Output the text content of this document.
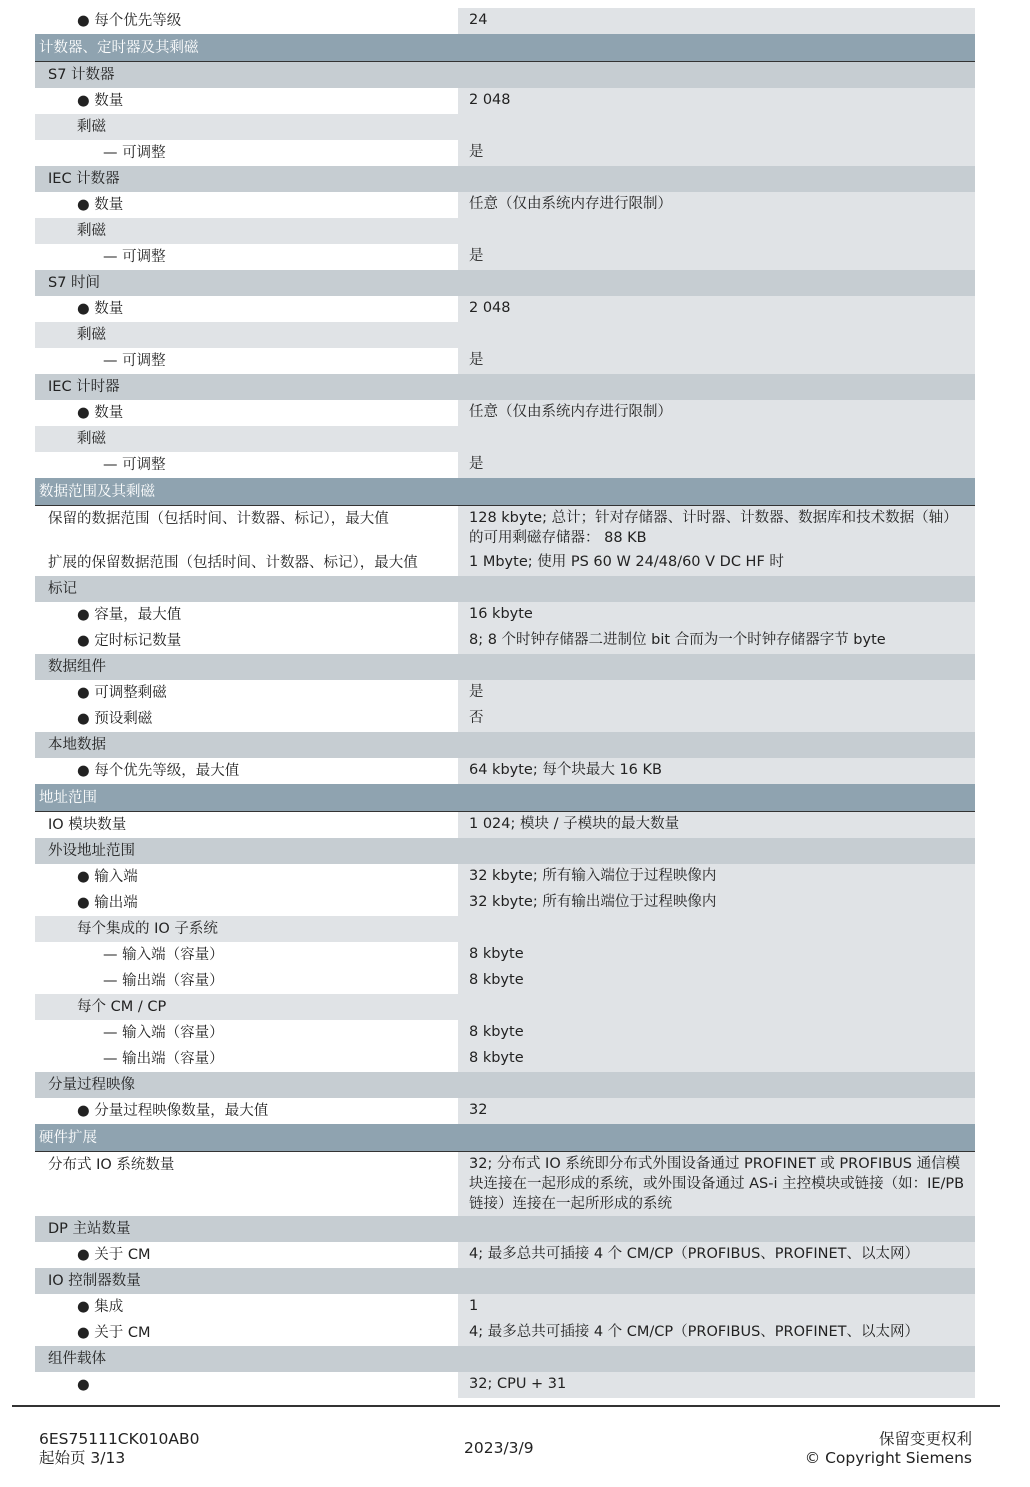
● 每个优先等级	24
计数器、定时器及其剩磁
S7 计数器
● 数量	2 048
剩磁
— 可调整	是
IEC 计数器
● 数量	任意（仅由系统内存进行限制）
剩磁
— 可调整	是
S7 时间
● 数量	2 048
剩磁
— 可调整	是
IEC 计时器
● 数量	任意（仅由系统内存进行限制）
剩磁
— 可调整	是
数据范围及其剩磁
保留的数据范围（包括时间、计数器、标记），最大值	128 kbyte; 总计；针对存储器、计时器、计数器、数据库和技术数据（轴）的可用剩磁存储器： 88 KB
扩展的保留数据范围（包括时间、计数器、标记），最大值	1 Mbyte; 使用 PS 60 W 24/48/60 V DC HF 时
标记
● 容量，最大值	16 kbyte
● 定时标记数量	8; 8 个时钟存储器二进制位 bit 合而为一个时钟存储器字节 byte
数据组件
● 可调整剩磁	是
● 预设剩磁	否
本地数据
● 每个优先等级，最大值	64 kbyte; 每个块最大 16 KB
地址范围
IO 模块数量	1 024; 模块 / 子模块的最大数量
外设地址范围
● 输入端	32 kbyte; 所有输入端位于过程映像内
● 输出端	32 kbyte; 所有输出端位于过程映像内
每个集成的 IO 子系统
— 输入端（容量）	8 kbyte
— 输出端（容量）	8 kbyte
每个 CM / CP
— 输入端（容量）	8 kbyte
— 输出端（容量）	8 kbyte
分量过程映像
● 分量过程映像数量，最大值	32
硬件扩展
分布式 IO 系统数量	32; 分布式 IO 系统即分布式外围设备通过 PROFINET 或 PROFIBUS 通信模块连接在一起形成的系统，或外围设备通过 AS-i 主控模块或链接（如：IE/PB 链接）连接在一起所形成的系统
DP 主站数量
● 关于 CM	4; 最多总共可插接 4 个 CM/CP（PROFIBUS、PROFINET、以太网）
IO 控制器数量
● 集成	1
● 关于 CM	4; 最多总共可插接 4 个 CM/CP（PROFIBUS、PROFINET、以太网）
组件载体
●	32; CPU + 31
6ES75111CK010AB0
起始页 3/13
2023/3/9	保留变更权利
© Copyright Siemens
